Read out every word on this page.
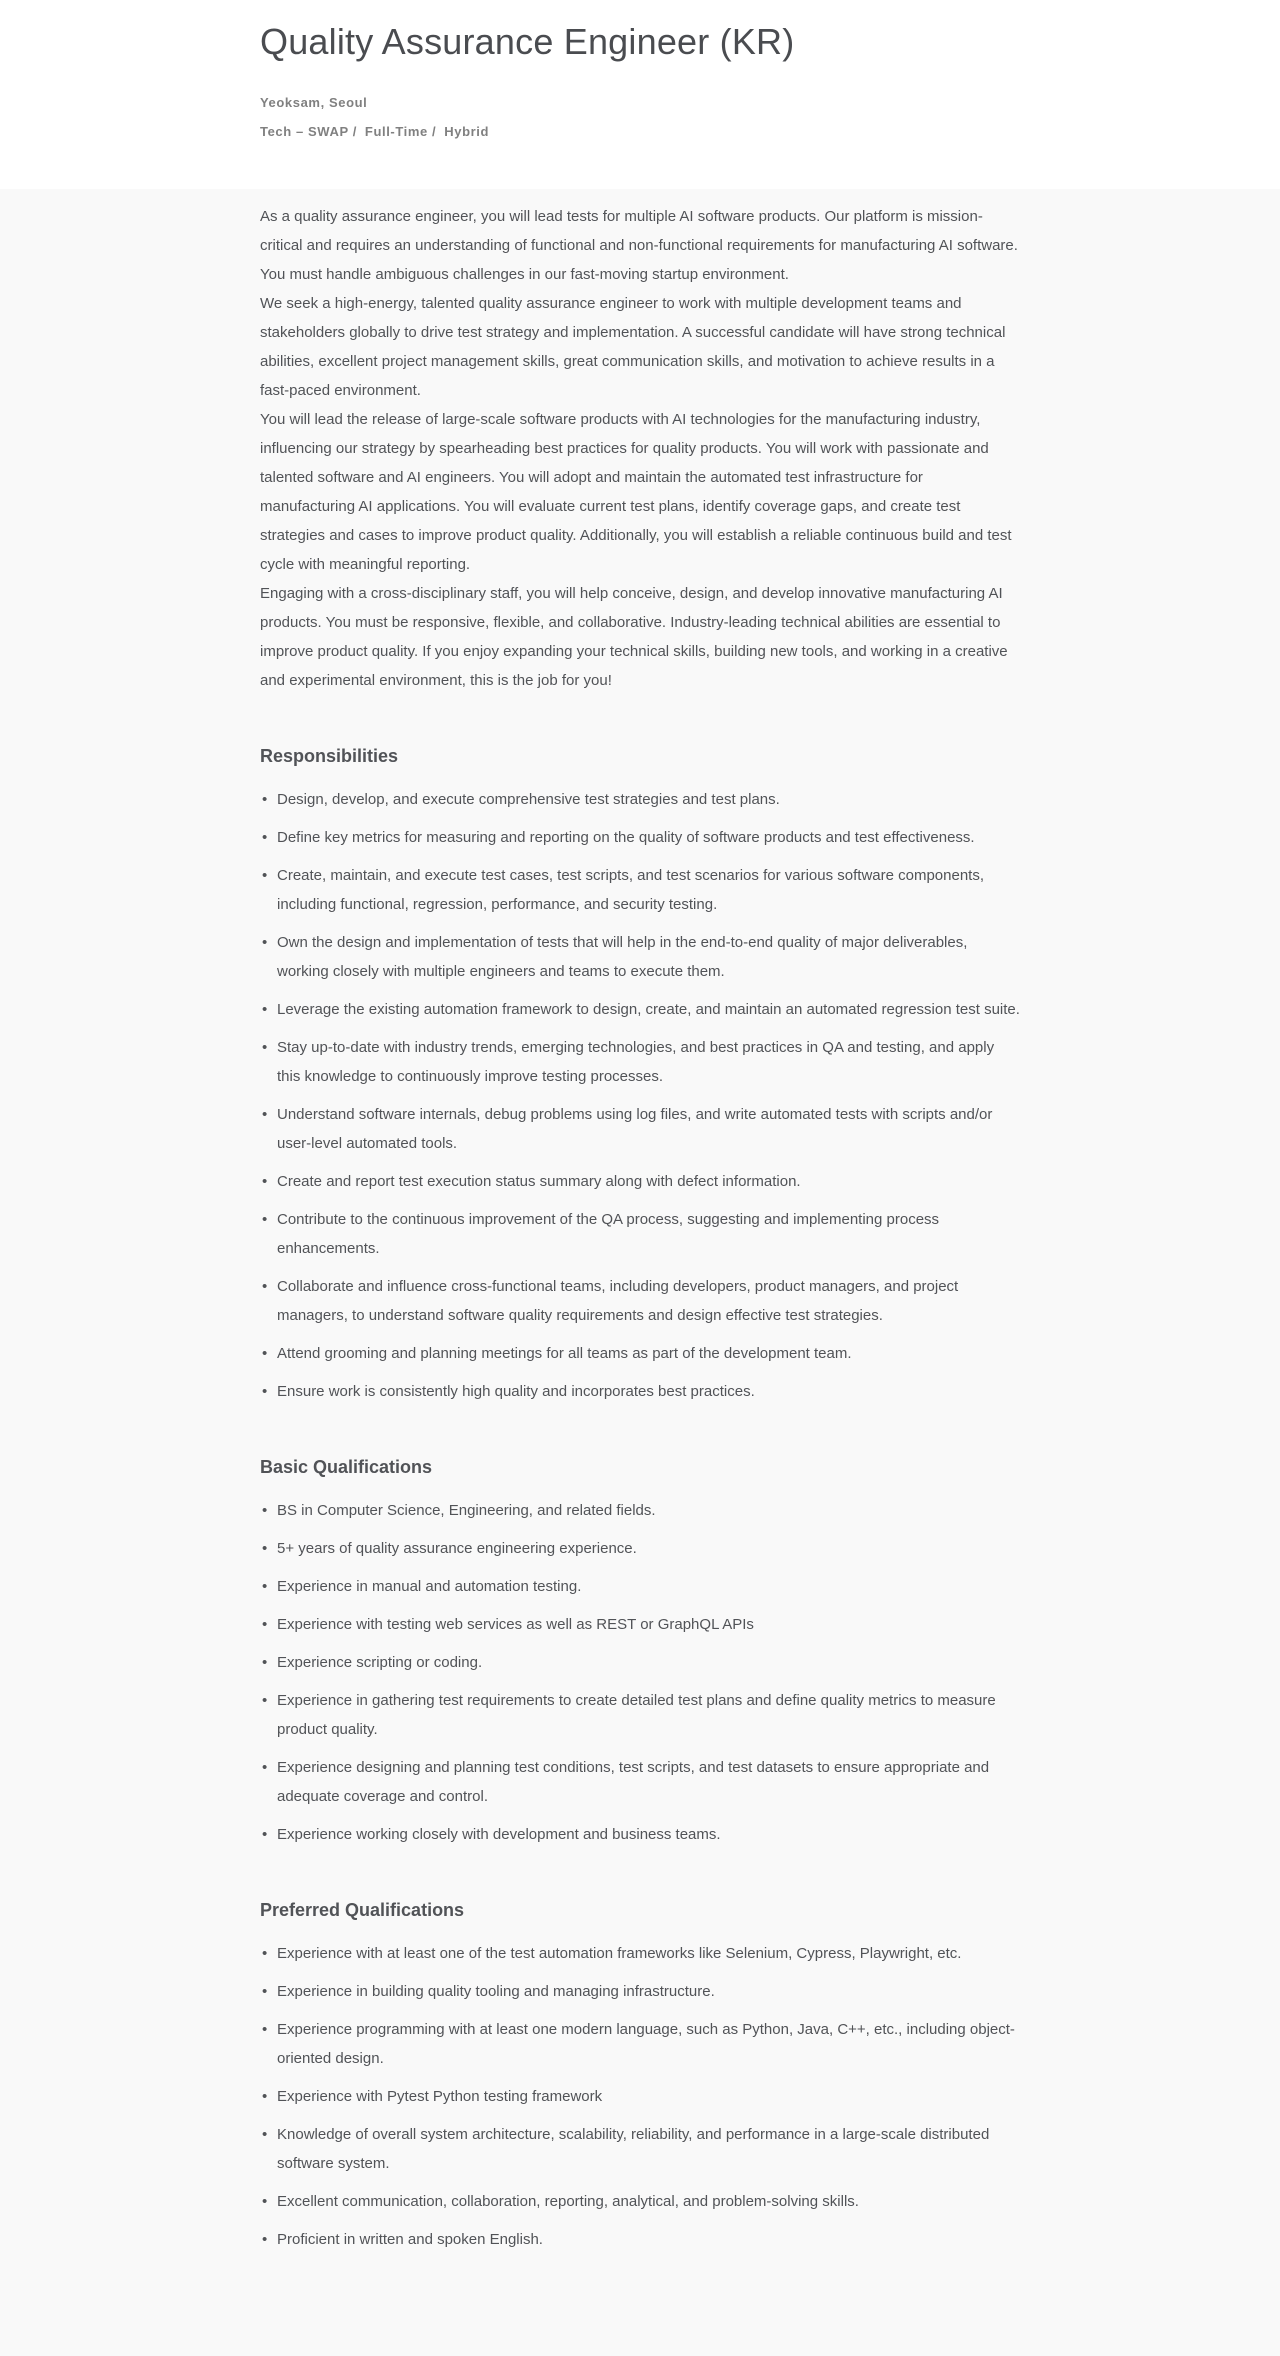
Quality Assurance Engineer (KR)
Yeoksam, Seoul
Tech – SWAP / Full-Time / Hybrid

As a quality assurance engineer, you will lead tests for multiple AI software products. Our platform is mission-critical and requires an understanding of functional and non-functional requirements for manufacturing AI software. You must handle ambiguous challenges in our fast-moving startup environment.

We seek a high-energy, talented quality assurance engineer to work with multiple development teams and stakeholders globally to drive test strategy and implementation. A successful candidate will have strong technical abilities, excellent project management skills, great communication skills, and motivation to achieve results in a fast-paced environment.

You will lead the release of large-scale software products with AI technologies for the manufacturing industry, influencing our strategy by spearheading best practices for quality products. You will work with passionate and talented software and AI engineers. You will adopt and maintain the automated test infrastructure for manufacturing AI applications. You will evaluate current test plans, identify coverage gaps, and create test strategies and cases to improve product quality. Additionally, you will establish a reliable continuous build and test cycle with meaningful reporting.

Engaging with a cross-disciplinary staff, you will help conceive, design, and develop innovative manufacturing AI products. You must be responsive, flexible, and collaborative. Industry-leading technical abilities are essential to improve product quality. If you enjoy expanding your technical skills, building new tools, and working in a creative and experimental environment, this is the job for you!

Responsibilities
• Design, develop, and execute comprehensive test strategies and test plans.
• Define key metrics for measuring and reporting on the quality of software products and test effectiveness.
• Create, maintain, and execute test cases, test scripts, and test scenarios for various software components, including functional, regression, performance, and security testing.
• Own the design and implementation of tests that will help in the end-to-end quality of major deliverables, working closely with multiple engineers and teams to execute them.
• Leverage the existing automation framework to design, create, and maintain an automated regression test suite.
• Stay up-to-date with industry trends, emerging technologies, and best practices in QA and testing, and apply this knowledge to continuously improve testing processes.
• Understand software internals, debug problems using log files, and write automated tests with scripts and/or user-level automated tools.
• Create and report test execution status summary along with defect information.
• Contribute to the continuous improvement of the QA process, suggesting and implementing process enhancements.
• Collaborate and influence cross-functional teams, including developers, product managers, and project managers, to understand software quality requirements and design effective test strategies.
• Attend grooming and planning meetings for all teams as part of the development team.
• Ensure work is consistently high quality and incorporates best practices.
Basic Qualifications
• BS in Computer Science, Engineering, and related fields.
• 5+ years of quality assurance engineering experience.
• Experience in manual and automation testing.
• Experience with testing web services as well as REST or GraphQL APIs
• Experience scripting or coding.
• Experience in gathering test requirements to create detailed test plans and define quality metrics to measure product quality.
• Experience designing and planning test conditions, test scripts, and test datasets to ensure appropriate and adequate coverage and control.
• Experience working closely with development and business teams.
Preferred Qualifications
• Experience with at least one of the test automation frameworks like Selenium, Cypress, Playwright, etc.
• Experience in building quality tooling and managing infrastructure.
• Experience programming with at least one modern language, such as Python, Java, C++, etc., including object-oriented design.
• Experience with Pytest Python testing framework
• Knowledge of overall system architecture, scalability, reliability, and performance in a large-scale distributed software system.
• Excellent communication, collaboration, reporting, analytical, and problem-solving skills.
• Proficient in written and spoken English.
